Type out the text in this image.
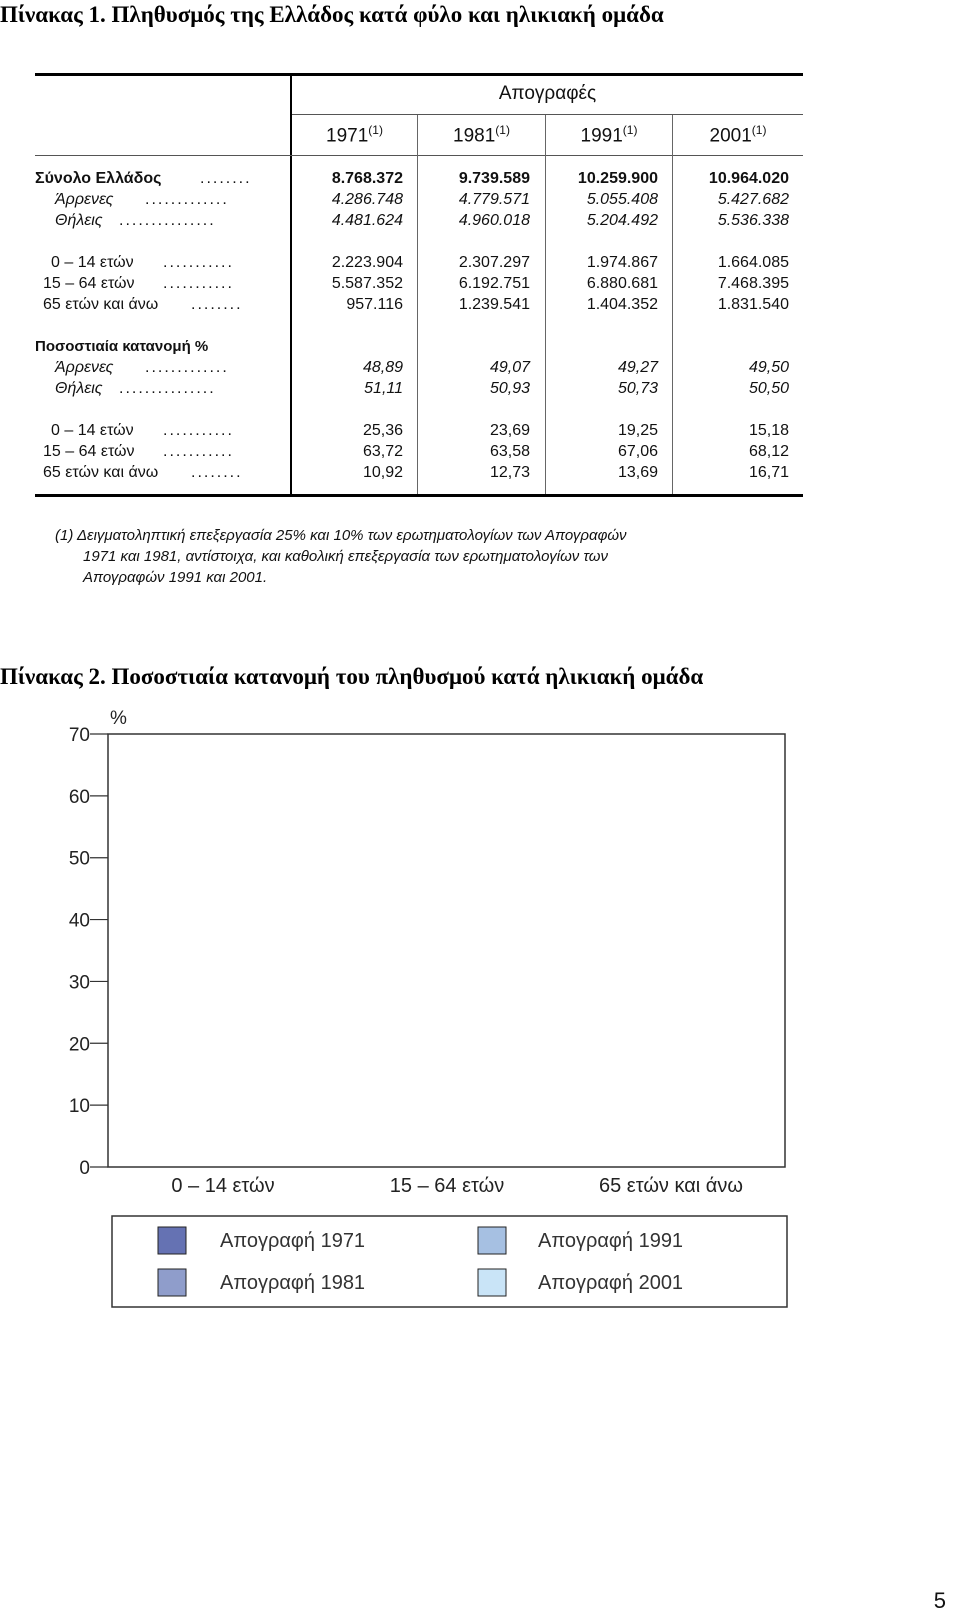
Πίνακας 1. Πληθυσμός της Ελλάδος κατά φύλο και ηλικιακή ομάδα
Απογραφές
1971$^{(1)}$	1981$^{(1)}$	1991$^{(1)}$	2001$^{(1)}$
Σύνολο Ελλάδος ........	8.768.372	9.739.589	10.259.900	10.964.020
Άρρενες .............	4.286.748	4.779.571	5.055.408	5.427.682
Θήλεις ...............	4.481.624	4.960.018	5.204.492	5.536.338
0 – 14 ετών ...........	2.223.904	2.307.297	1.974.867	1.664.085
15 – 64 ετών ...........	5.587.352	6.192.751	6.880.681	7.468.395
65 ετών και άνω ........	957.116	1.239.541	1.404.352	1.831.540
Ποσοστιαία κατανομή %
Άρρενες .............	48,89	49,07	49,27	49,50
Θήλεις ...............	51,11	50,93	50,73	50,50
0 – 14 ετών ...........	25,36	23,69	19,25	15,18
15 – 64 ετών ...........	63,72	63,58	67,06	68,12
65 ετών και άνω ........	10,92	12,73	13,69	16,71
(1) Δειγματοληπτική επεξεργασία 25% και 10% των ερωτηματολογίων των Απογραφών
1971 και 1981, αντίστοιχα, και καθολική επεξεργασία των ερωτηματολογίων των
Απογραφών 1991 και 2001.
Πίνακας 2. Ποσοστιαία κατανομή του πληθυσμού κατά ηλικιακή ομάδα
0
10
20
30
40
50
60
70
%
0 – 14 ετών	15 – 64 ετών	65 ετών και άνω
Απογραφή 1971
Απογραφή 1981
Απογραφή 1991
Απογραφή 2001
5
